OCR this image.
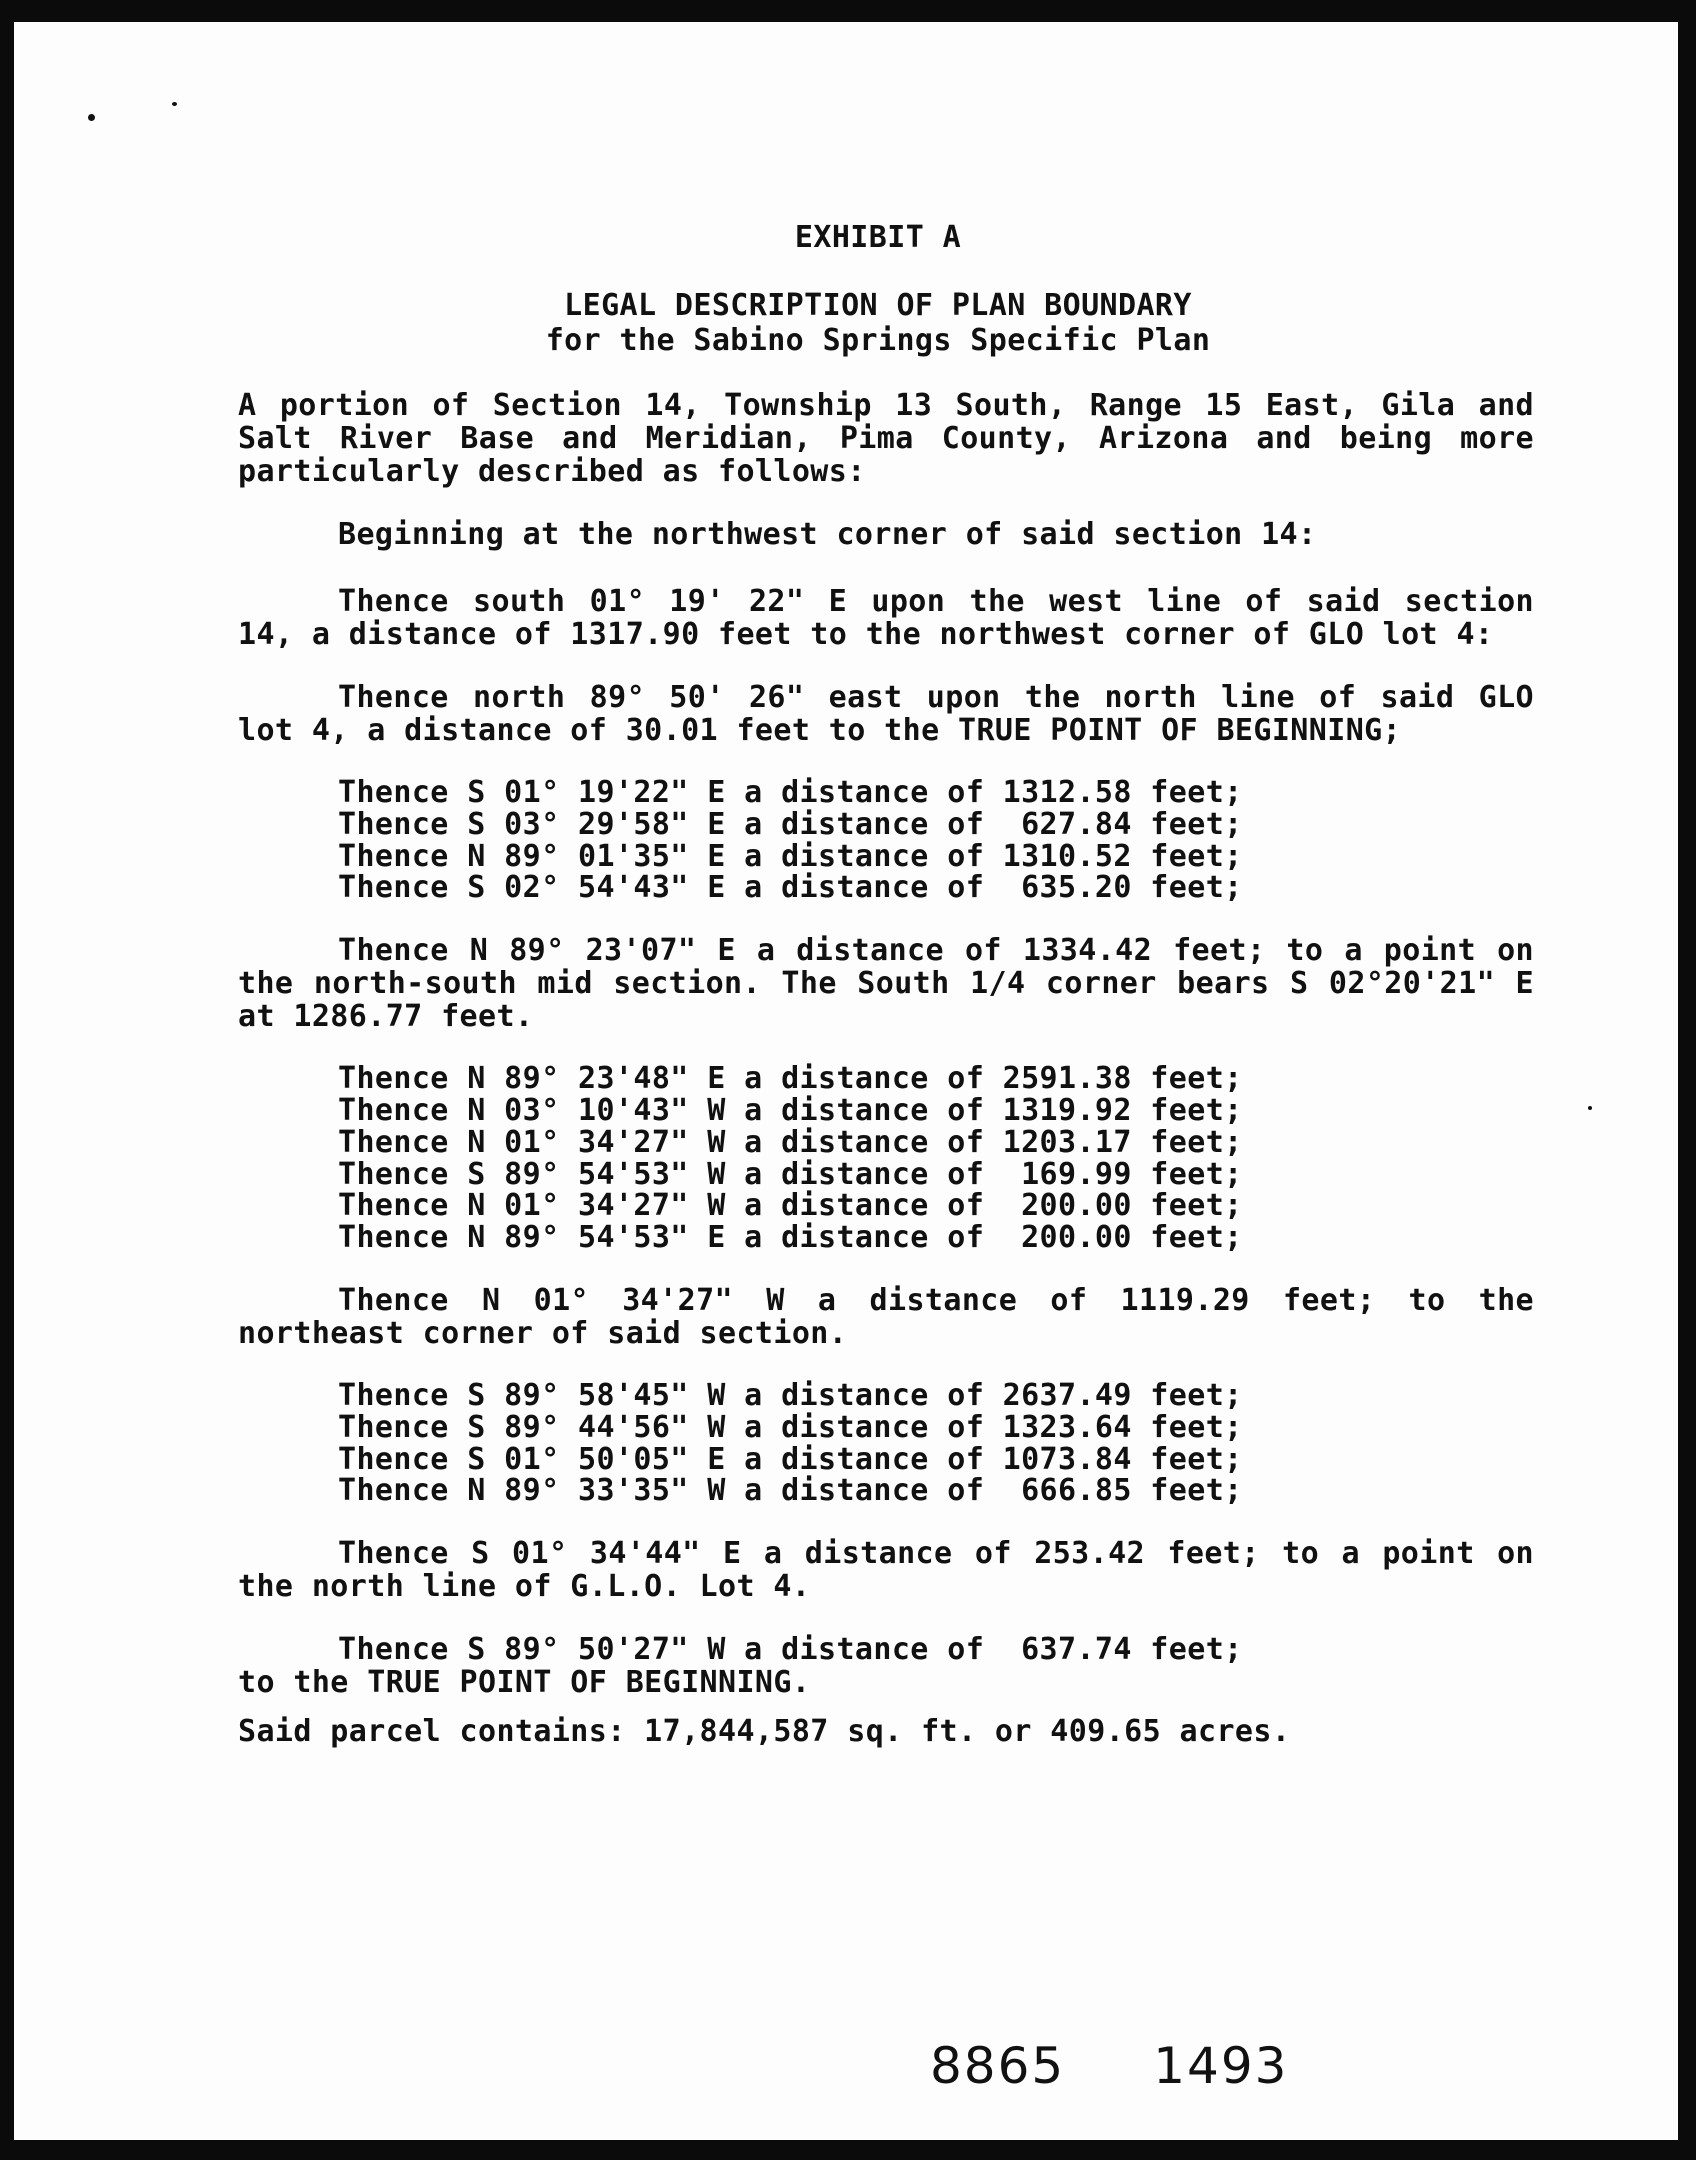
EXHIBIT A
LEGAL DESCRIPTION OF PLAN BOUNDARY
for the Sabino Springs Specific Plan
A portion of Section 14, Township 13 South, Range 15 East, Gila and Salt River Base and Meridian, Pima County, Arizona and being more particularly described as follows:
Beginning at the northwest corner of said section 14:
Thence south 01° 19' 22" E upon the west line of said section 14, a distance of 1317.90 feet to the northwest corner of GLO lot 4:
Thence north 89° 50' 26" east upon the north line of said GLO lot 4, a distance of 30.01 feet to the TRUE POINT OF BEGINNING;
Thence S 01° 19'22" E a distance of 1312.58 feet;
Thence S 03° 29'58" E a distance of  627.84 feet;
Thence N 89° 01'35" E a distance of 1310.52 feet;
Thence S 02° 54'43" E a distance of  635.20 feet;
Thence N 89° 23'07" E a distance of 1334.42 feet; to a point on the north-south mid section. The South 1/4 corner bears S 02°20'21" E at 1286.77 feet.
Thence N 89° 23'48" E a distance of 2591.38 feet;
Thence N 03° 10'43" W a distance of 1319.92 feet;
Thence N 01° 34'27" W a distance of 1203.17 feet;
Thence S 89° 54'53" W a distance of  169.99 feet;
Thence N 01° 34'27" W a distance of  200.00 feet;
Thence N 89° 54'53" E a distance of  200.00 feet;
Thence N 01° 34'27" W a distance of 1119.29 feet; to the northeast corner of said section.
Thence S 89° 58'45" W a distance of 2637.49 feet;
Thence S 89° 44'56" W a distance of 1323.64 feet;
Thence S 01° 50'05" E a distance of 1073.84 feet;
Thence N 89° 33'35" W a distance of  666.85 feet;
Thence S 01° 34'44" E a distance of 253.42 feet; to a point on the north line of G.L.O. Lot 4.
Thence S 89° 50'27" W a distance of  637.74 feet;
to the TRUE POINT OF BEGINNING.
Said parcel contains: 17,844,587 sq. ft. or 409.65 acres.
8865 1493
